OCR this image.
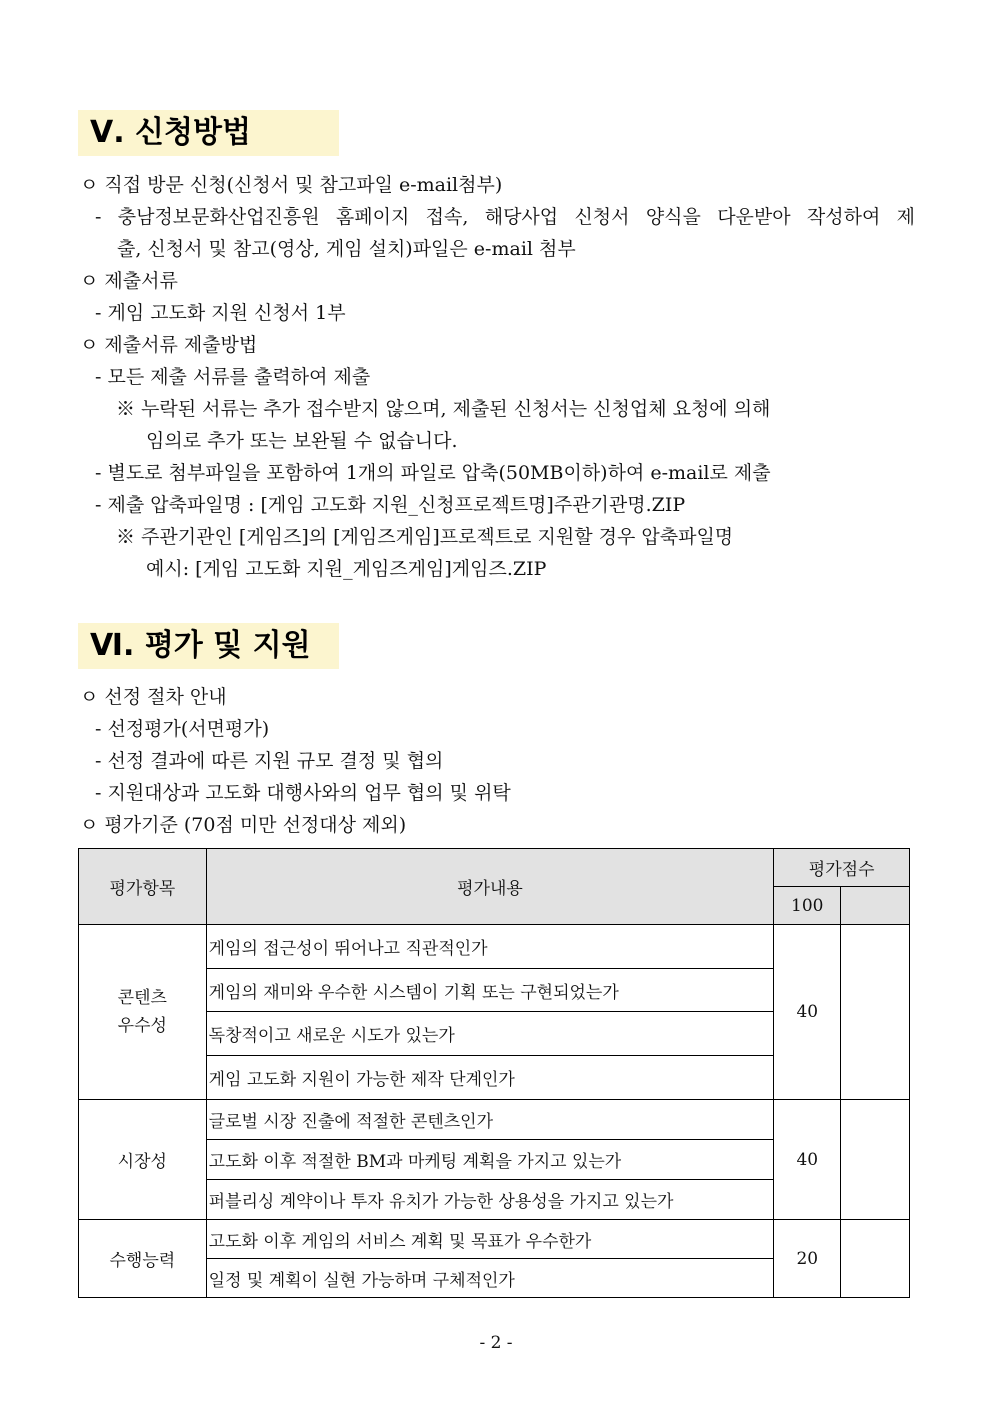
Ⅴ. 신청방법
ㅇ 직접 방문 신청(신청서 및 참고파일 e-mail첨부)
- 충남정보문화산업진흥원 홈페이지 접속, 해당사업 신청서 양식을 다운받아 작성하여 제
출, 신청서 및 참고(영상, 게임 설치)파일은 e-mail 첨부
ㅇ 제출서류
- 게임 고도화 지원 신청서 1부
ㅇ 제출서류 제출방법
- 모든 제출 서류를 출력하여 제출
※ 누락된 서류는 추가 접수받지 않으며, 제출된 신청서는 신청업체 요청에 의해
임의로 추가 또는 보완될 수 없습니다.
- 별도로 첨부파일을 포함하여 1개의 파일로 압축(50MB이하)하여 e-mail로 제출
- 제출 압축파일명 : [게임 고도화 지원_신청프로젝트명]주관기관명.ZIP
※ 주관기관인 [게임즈]의 [게임즈게임]프로젝트로 지원할 경우 압축파일명
예시: [게임 고도화 지원_게임즈게임]게임즈.ZIP
Ⅵ. 평가 및 지원
ㅇ 선정 절차 안내
- 선정평가(서면평가)
- 선정 결과에 따른 지원 규모 결정 및 협의
- 지원대상과 고도화 대행사와의 업무 협의 및 위탁
ㅇ 평가기준 (70점 미만 선정대상 제외)
평가항목	평가내용	평가점수	
		100	
콘텐츠
우수성	게임의 접근성이 뛰어나고 직관적인가	40	
	게임의 재미와 우수한 시스템이 기획 또는 구현되었는가		
	독창적이고 새로운 시도가 있는가		
	게임 고도화 지원이 가능한 제작 단계인가		
시장성	글로벌 시장 진출에 적절한 콘텐츠인가	40	
	고도화 이후 적절한 BM과 마케팅 계획을 가지고 있는가		
	퍼블리싱 계약이나 투자 유치가 가능한 상용성을 가지고 있는가		
수행능력	고도화 이후 게임의 서비스 계획 및 목표가 우수한가	20	
	일정 및 계획이 실현 가능하며 구체적인가		
- 2 -
